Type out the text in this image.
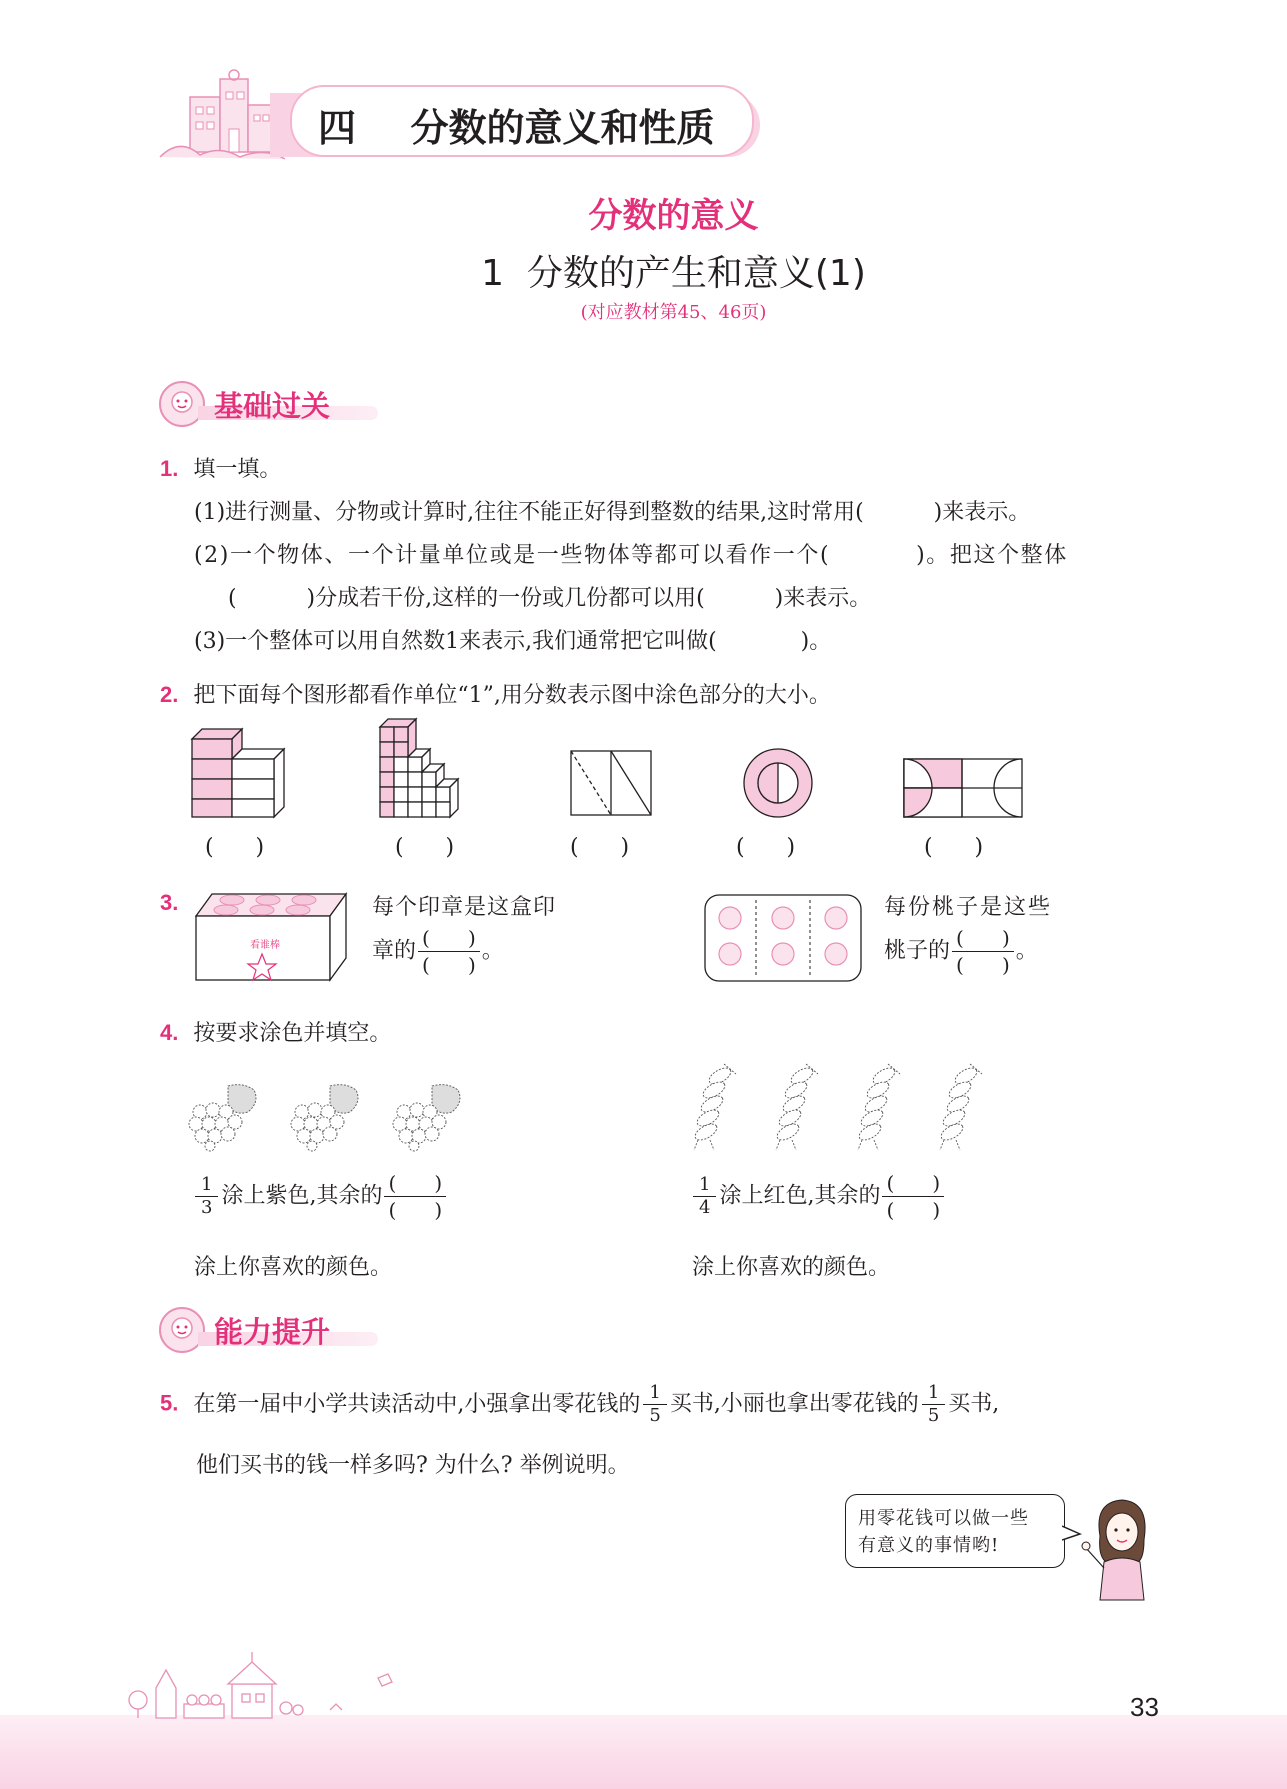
四 分数的意义和性质
分数的意义
1  分数的产生和意义(1)
(对应教材第45、46页)
基础过关
1. 填一填。
(1)进行测量、分物或计算时,往往不能正好得到整数的结果,这时常用(          )来表示。
(2)一个物体、一个计量单位或是一些物体等都可以看作一个(          )。把这个整体
(          )分成若干份,这样的一份或几份都可以用(          )来表示。
(3)一个整体可以用自然数1来表示,我们通常把它叫做(            )。
2. 把下面每个图形都看作单位“1”,用分数表示图中涂色部分的大小。
(      )	(      )	(      )	(      )	(      )
3.
看谁棒
每个印章是这盒印
章的
(      )
(      )
。
每份桃子是这些
桃子的
(      )
(      )
。
4. 按要求涂色并填空。
$\frac{1}{3}$ 涂上紫色,其余的
(      )
(      )
涂上你喜欢的颜色。
$\frac{1}{4}$ 涂上红色,其余的
(      )
(      )
涂上你喜欢的颜色。
能力提升
5. 在第一届中小学共读活动中,小强拿出零花钱的 $\frac{1}{5}$ 买书,小丽也拿出零花钱的 $\frac{1}{5}$ 买书,
他们买书的钱一样多吗? 为什么? 举例说明。
用零花钱可以做一些
有意义的事情哟!
33
